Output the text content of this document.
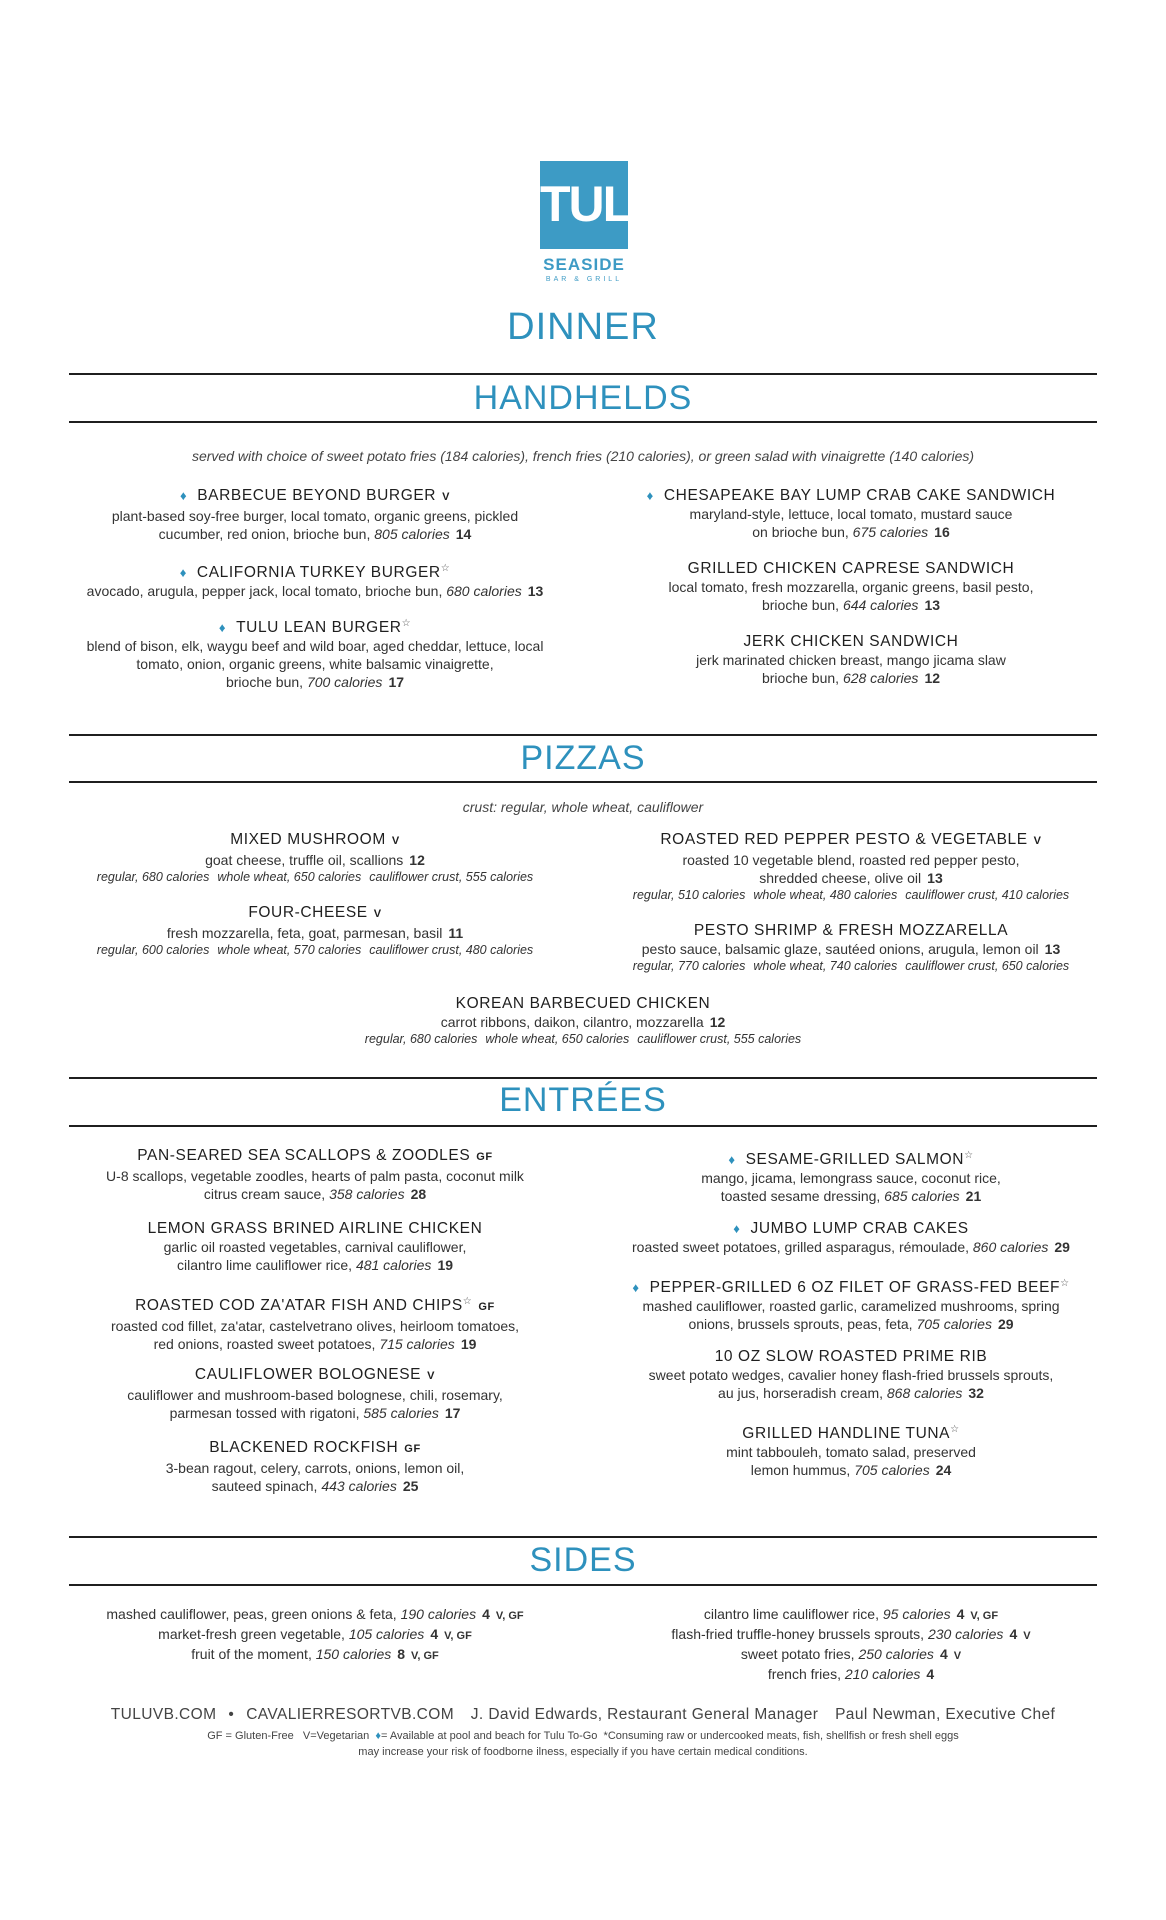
TULU
SEASIDE
BAR & GRILL
DINNER
HANDHELDS
served with choice of sweet potato fries (184 calories), french fries (210 calories), or green salad with vinaigrette (140 calories)
♦ BARBECUE BEYOND BURGER V
plant-based soy-free burger, local tomato, organic greens, pickled
cucumber, red onion, brioche bun, 805 calories 14
♦ CALIFORNIA TURKEY BURGER☆
avocado, arugula, pepper jack, local tomato, brioche bun, 680 calories 13
♦ TULU LEAN BURGER☆
blend of bison, elk, waygu beef and wild boar, aged cheddar, lettuce, local
tomato, onion, organic greens, white balsamic vinaigrette,
brioche bun, 700 calories 17
♦ CHESAPEAKE BAY LUMP CRAB CAKE SANDWICH
maryland-style, lettuce, local tomato, mustard sauce
on brioche bun, 675 calories 16
GRILLED CHICKEN CAPRESE SANDWICH
local tomato, fresh mozzarella, organic greens, basil pesto,
brioche bun, 644 calories 13
JERK CHICKEN SANDWICH
jerk marinated chicken breast, mango jicama slaw
brioche bun, 628 calories 12
PIZZAS
crust: regular, whole wheat, cauliflower
MIXED MUSHROOM V
goat cheese, truffle oil, scallions 12
regular, 680 calories whole wheat, 650 calories cauliflower crust, 555 calories
FOUR-CHEESE V
fresh mozzarella, feta, goat, parmesan, basil 11
regular, 600 calories whole wheat, 570 calories cauliflower crust, 480 calories
ROASTED RED PEPPER PESTO & VEGETABLE V
roasted 10 vegetable blend, roasted red pepper pesto,
shredded cheese, olive oil 13
regular, 510 calories whole wheat, 480 calories cauliflower crust, 410 calories
PESTO SHRIMP & FRESH MOZZARELLA
pesto sauce, balsamic glaze, sautéed onions, arugula, lemon oil 13
regular, 770 calories whole wheat, 740 calories cauliflower crust, 650 calories
KOREAN BARBECUED CHICKEN
carrot ribbons, daikon, cilantro, mozzarella 12
regular, 680 calories whole wheat, 650 calories cauliflower crust, 555 calories
ENTRÉES
PAN-SEARED SEA SCALLOPS & ZOODLES GF
U-8 scallops, vegetable zoodles, hearts of palm pasta, coconut milk
citrus cream sauce, 358 calories 28
LEMON GRASS BRINED AIRLINE CHICKEN
garlic oil roasted vegetables, carnival cauliflower,
cilantro lime cauliflower rice, 481 calories 19
ROASTED COD ZA'ATAR FISH AND CHIPS☆ GF
roasted cod fillet, za'atar, castelvetrano olives, heirloom tomatoes,
red onions, roasted sweet potatoes, 715 calories 19
CAULIFLOWER BOLOGNESE V
cauliflower and mushroom-based bolognese, chili, rosemary,
parmesan tossed with rigatoni, 585 calories 17
BLACKENED ROCKFISH GF
3-bean ragout, celery, carrots, onions, lemon oil,
sauteed spinach, 443 calories 25
♦ SESAME-GRILLED SALMON☆
mango, jicama, lemongrass sauce, coconut rice,
toasted sesame dressing, 685 calories 21
♦ JUMBO LUMP CRAB CAKES
roasted sweet potatoes, grilled asparagus, rémoulade, 860 calories 29
♦ PEPPER-GRILLED 6 OZ FILET OF GRASS-FED BEEF☆
mashed cauliflower, roasted garlic, caramelized mushrooms, spring
onions, brussels sprouts, peas, feta, 705 calories 29
10 OZ SLOW ROASTED PRIME RIB
sweet potato wedges, cavalier honey flash-fried brussels sprouts,
au jus, horseradish cream, 868 calories 32
GRILLED HANDLINE TUNA☆
mint tabbouleh, tomato salad, preserved
lemon hummus, 705 calories 24
SIDES
mashed cauliflower, peas, green onions & feta, 190 calories 4 V, GF
market-fresh green vegetable, 105 calories 4 V, GF
fruit of the moment, 150 calories 8 V, GF
cilantro lime cauliflower rice, 95 calories 4 V, GF
flash-fried truffle-honey brussels sprouts, 230 calories 4 V
sweet potato fries, 250 calories 4 V
french fries, 210 calories 4
TULUVB.COM • CAVALIERRESORTVB.COM J. David Edwards, Restaurant General Manager Paul Newman, Executive Chef
GF = Gluten-Free V=Vegetarian ♦= Available at pool and beach for Tulu To-Go *Consuming raw or undercooked meats, fish, shellfish or fresh shell eggs
may increase your risk of foodborne ilness, especially if you have certain medical conditions.
